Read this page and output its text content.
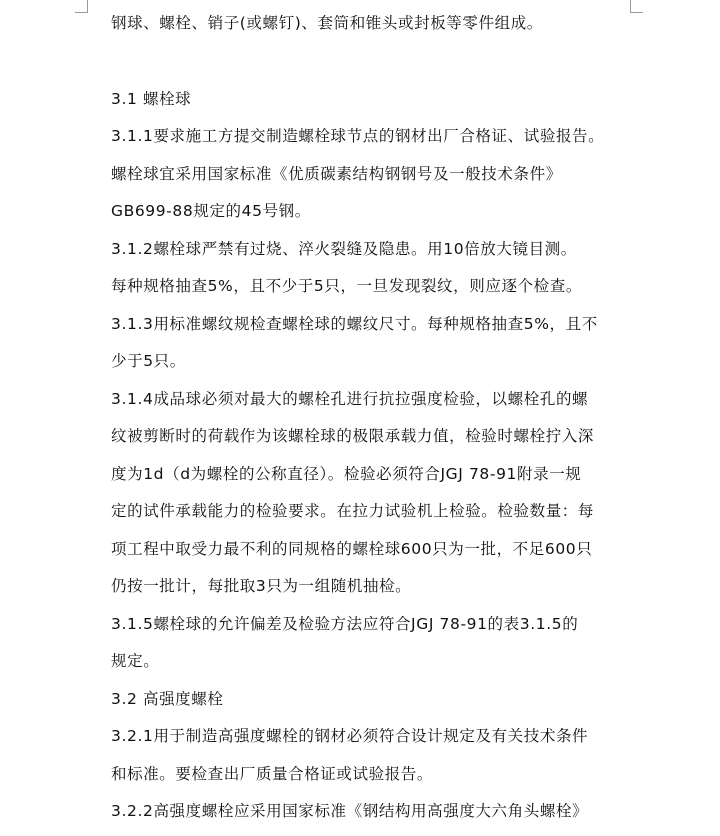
钢球、螺栓、销子(或螺钉)、套筒和锥头或封板等零件组成。
3.1 螺栓球
3.1.1要求施工方提交制造螺栓球节点的钢材出厂合格证、试验报告。
螺栓球宜采用国家标准《优质碳素结构钢钢号及一般技术条件》
GB699-88规定的45号钢。
3.1.2螺栓球严禁有过烧、淬火裂缝及隐患。用10倍放大镜目测。
每种规格抽查5%，且不少于5只，一旦发现裂纹，则应逐个检查。
3.1.3用标准螺纹规检查螺栓球的螺纹尺寸。每种规格抽查5%，且不
少于5只。
3.1.4成品球必须对最大的螺栓孔进行抗拉强度检验，以螺栓孔的螺
纹被剪断时的荷载作为该螺栓球的极限承载力值，检验时螺栓拧入深
度为1d（d为螺栓的公称直径）。检验必须符合JGJ 78-91附录一规
定的试件承载能力的检验要求。在拉力试验机上检验。检验数量：每
项工程中取受力最不利的同规格的螺栓球600只为一批，不足600只
仍按一批计，每批取3只为一组随机抽检。
3.1.5螺栓球的允许偏差及检验方法应符合JGJ 78-91的表3.1.5的
规定。
3.2 高强度螺栓
3.2.1用于制造高强度螺栓的钢材必须符合设计规定及有关技术条件
和标准。要检查出厂质量合格证或试验报告。
3.2.2高强度螺栓应采用国家标准《钢结构用高强度大六角头螺栓》
